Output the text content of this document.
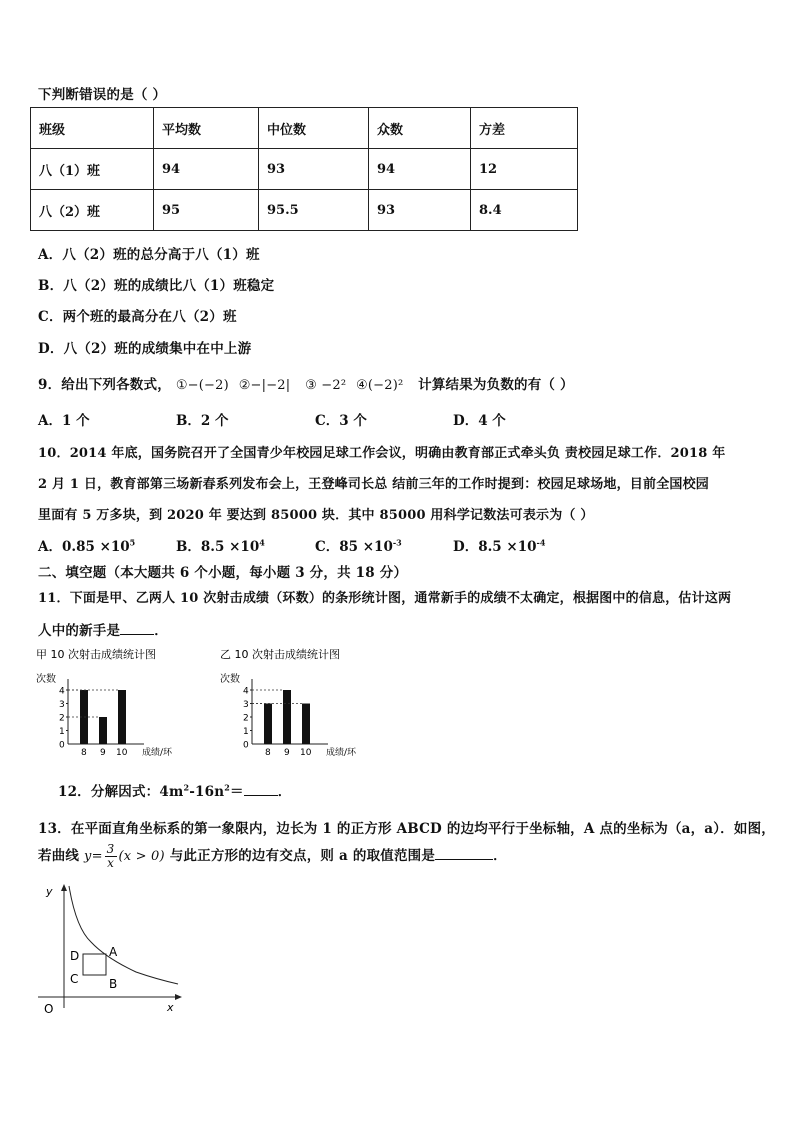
下判断错误的是（ ）
班级	平均数	中位数	众数	方差
八（1）班	94	93	94	12
八（2）班	95	95.5	93	8.4
A．八（2）班的总分高于八（1）班
B．八（2）班的成绩比八（1）班稳定
C．两个班的最高分在八（2）班
D．八（2）班的成绩集中在中上游
9．给出下列各数式， ①−(−2) ②−|−2| ③ −2² ④(−2)² 计算结果为负数的有（ ）
A．1 个	B．2 个	C．3 个	D．4 个
10．2014 年底，国务院召开了全国青少年校园足球工作会议，明确由教育部正式牵头负 责校园足球工作．2018 年
2 月 1 日，教育部第三场新春系列发布会上，王登峰司长总 结前三年的工作时提到：校园足球场地，目前全国校园
里面有 5 万多块，到 2020 年 要达到 85000 块．其中 85000 用科学记数法可表示为（ ）
A．$0.85 \times 10^5$	B．$8.5 \times 10^4$	C．$85 \times 10^{-3}$	D．$8.5 \times 10^{-4}$
二、填空题（本大题共 6 个小题，每小题 3 分，共 18 分）
11．下面是甲、乙两人 10 次射击成绩（环数）的条形统计图，通常新手的成绩不太确定，根据图中的信息，估计这两
人中的新手是	．
甲 10 次射击成绩统计图
次数
0
1
2
3
4
8 9 10 成绩/环
乙 10 次射击成绩统计图
次数
0
1
2
3
4
8 9 10 成绩/环
12．分解因式：$4m^2-16n^2=$	．
13．在平面直角坐标系的第一象限内，边长为 1 的正方形 ABCD 的边均平行于坐标轴，A 点的坐标为（a，a）．如图，
若曲线 $y= \frac{3}{x} (x > 0)$ 与此正方形的边有交点，则 a 的取值范围是	．
y
x
O
D A
C	B
